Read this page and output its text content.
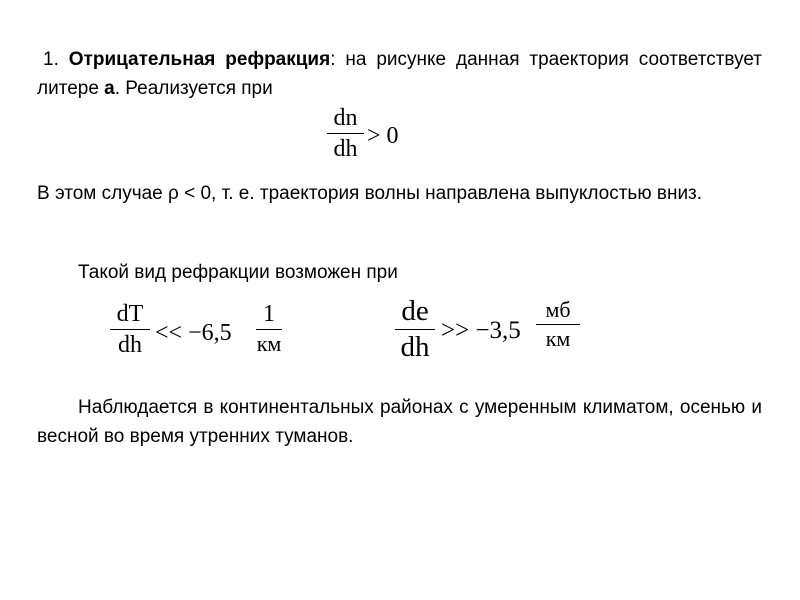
1. Отрицательная рефракция: на рисунке данная траектория соответствует литере а. Реализуется при
dn
dh > 0
В этом случае ρ < 0, т. е. траектория волны направлена выпуклостью вниз.
Такой вид рефракции возможен при
dT
dh << −6,5
1
км
de
dh
>> −3,5
мб
км
Наблюдается в континентальных районах с умеренным климатом, осенью и весной во время утренних туманов.
